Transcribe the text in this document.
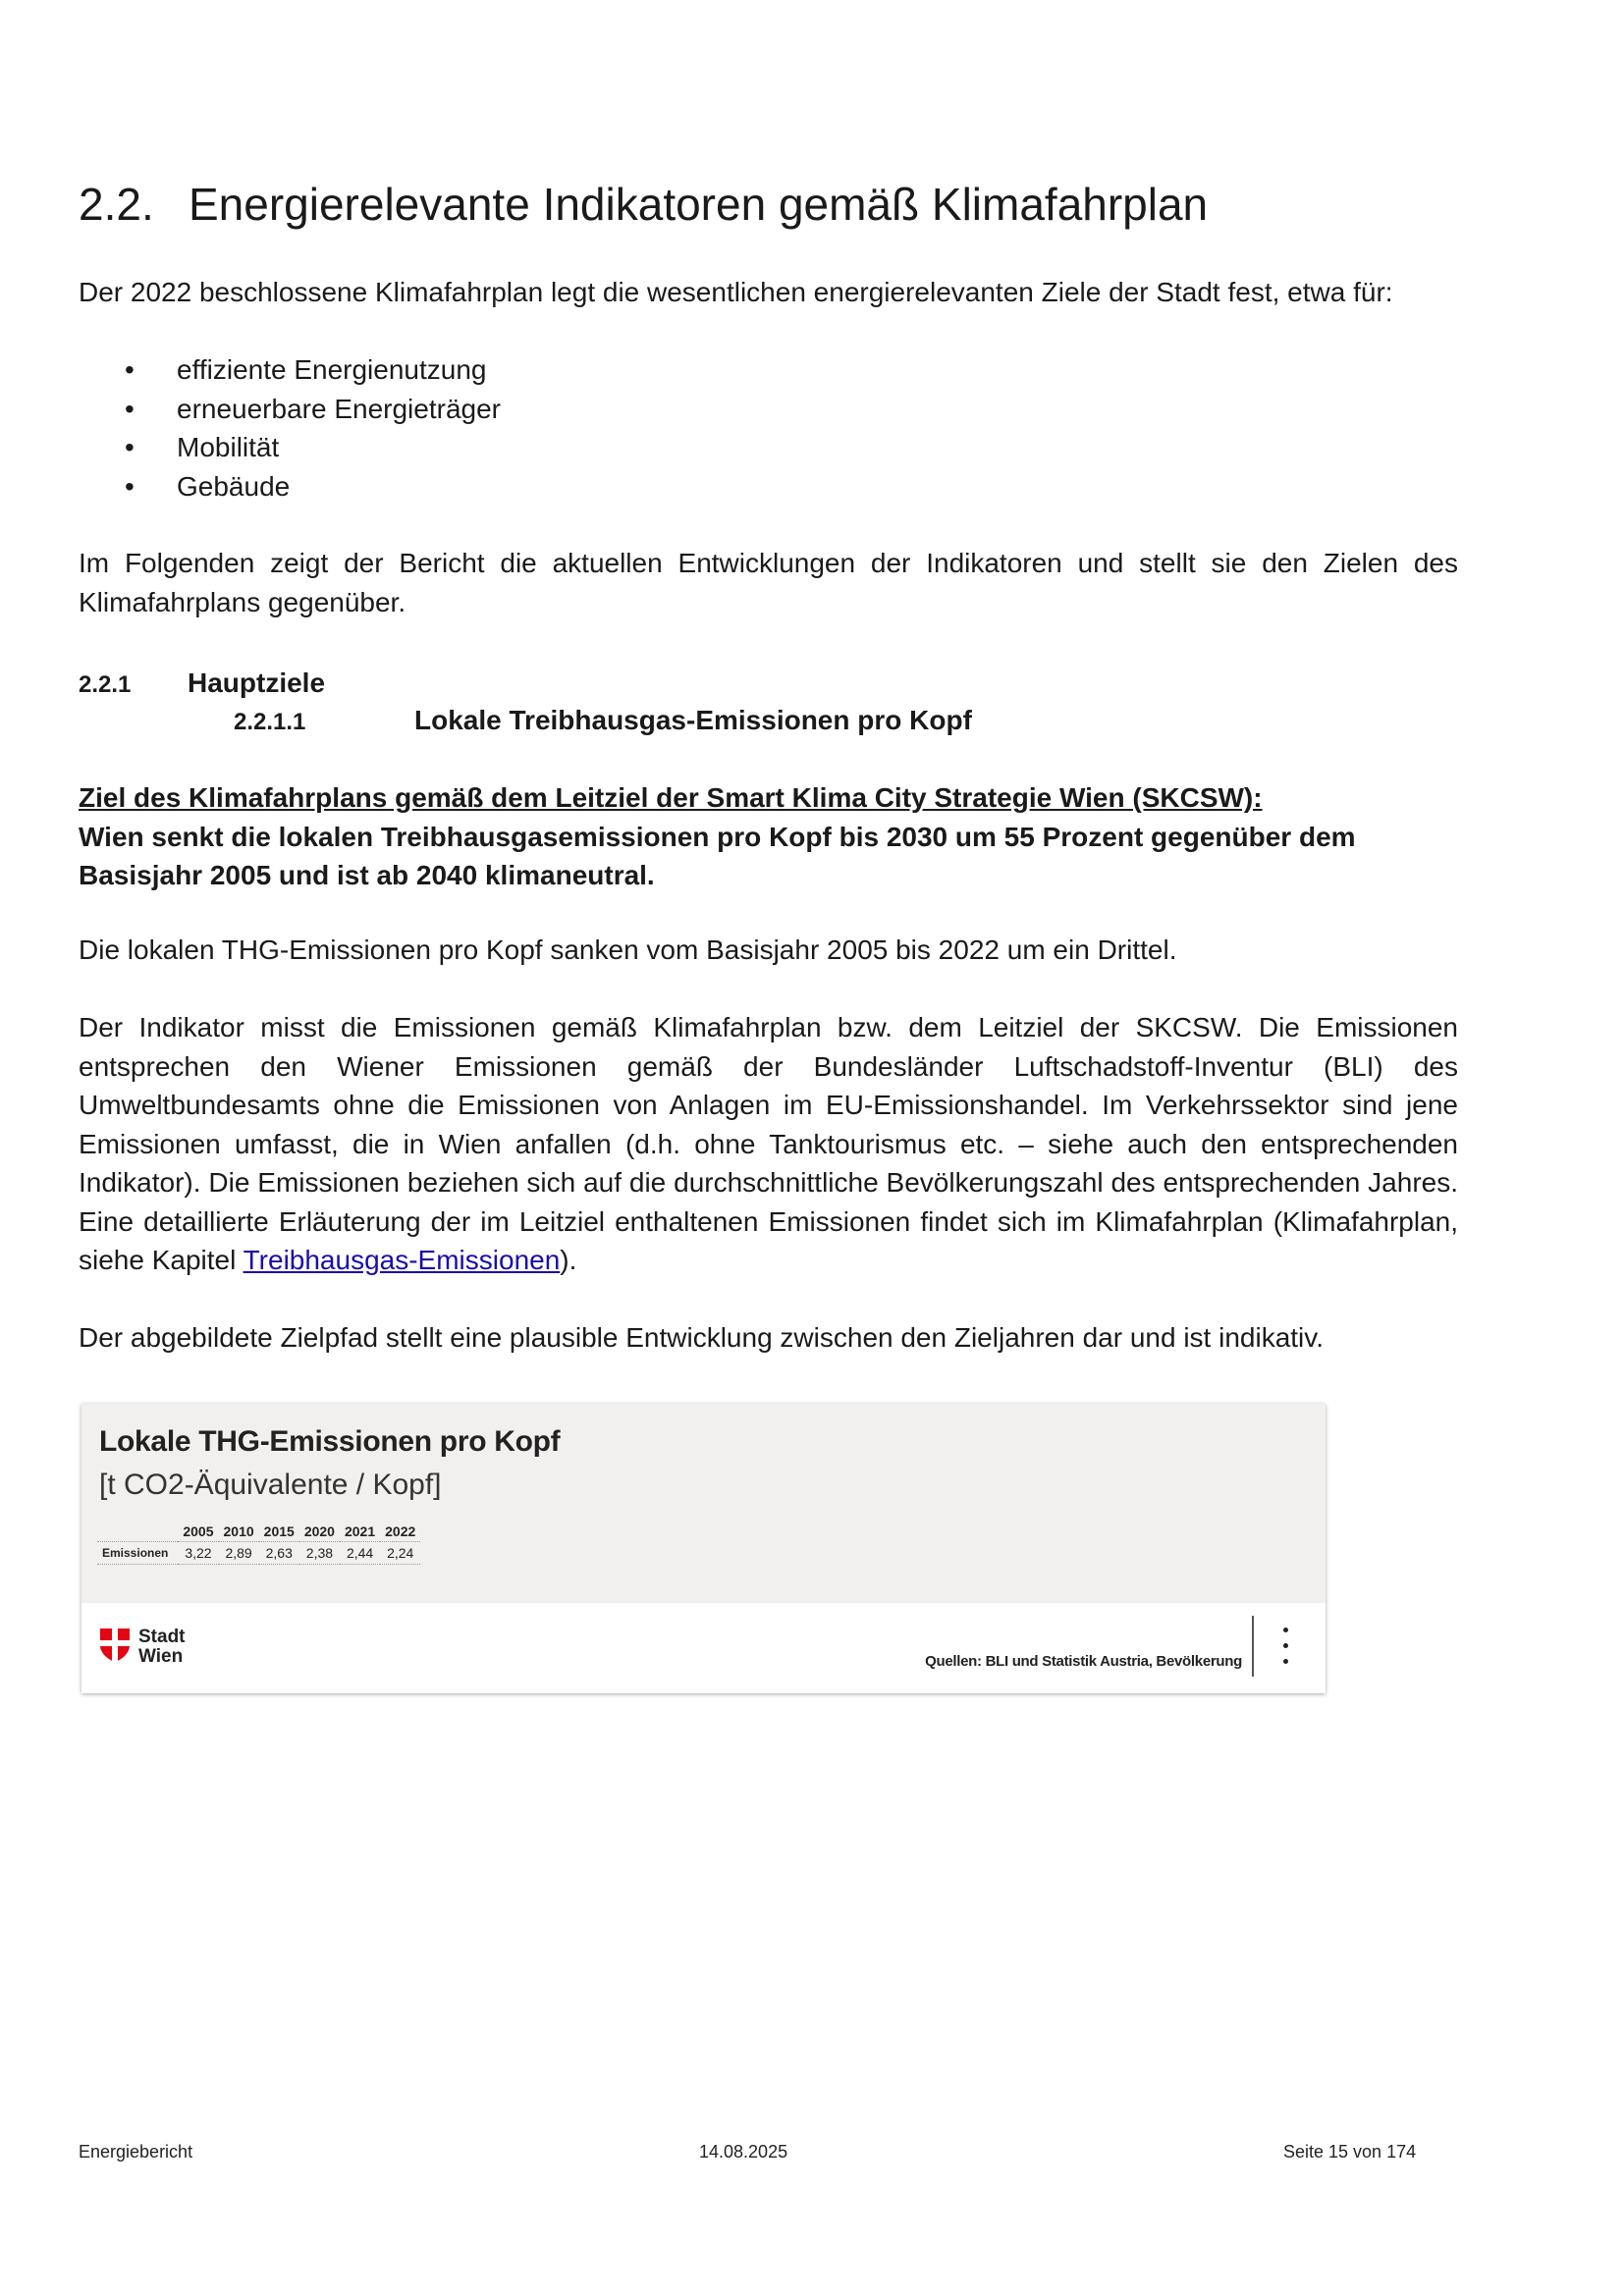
2.2. Energierelevante Indikatoren gemäß Klimafahrplan

Der 2022 beschlossene Klimafahrplan legt die wesentlichen energierelevanten Ziele der Stadt fest, etwa für:

• effiziente Energienutzung
• erneuerbare Energieträger
• Mobilität
• Gebäude

Im Folgenden zeigt der Bericht die aktuellen Entwicklungen der Indikatoren und stellt sie den Zielen des Klimafahrplans gegenüber.

2.2.1 Hauptziele
2.2.1.1	Lokale Treibhausgas-Emissionen pro Kopf
Ziel des Klimafahrplans gemäß dem Leitziel der Smart Klima City Strategie Wien (SKCSW):
Wien senkt die lokalen Treibhausgasemissionen pro Kopf bis 2030 um 55 Prozent gegenüber dem Basisjahr 2005 und ist ab 2040 klimaneutral.

Die lokalen THG-Emissionen pro Kopf sanken vom Basisjahr 2005 bis 2022 um ein Drittel.

Der Indikator misst die Emissionen gemäß Klimafahrplan bzw. dem Leitziel der SKCSW. Die Emissionen entsprechen den Wiener Emissionen gemäß der Bundesländer Luftschadstoff-Inventur (BLI) des Umweltbundesamts ohne die Emissionen von Anlagen im EU-Emissionshandel. Im Verkehrssektor sind jene Emissionen umfasst, die in Wien anfallen (d.h. ohne Tanktourismus etc. – siehe auch den entsprechenden Indikator). Die Emissionen beziehen sich auf die durchschnittliche Bevölkerungszahl des entsprechenden Jahres. Eine detaillierte Erläuterung der im Leitziel enthaltenen Emissionen findet sich im Klimafahrplan (Klimafahrplan, siehe Kapitel Treibhausgas-Emissionen).

Der abgebildete Zielpfad stellt eine plausible Entwicklung zwischen den Zieljahren dar und ist indikativ.

Lokale THG-Emissionen pro Kopf
[t CO2-Äquivalente / Kopf]
	2005	2010	2015	2020	2021	2022
Emissionen	3,22	2,89	2,63	2,38	2,44	2,24
Stadt
Wien	Quellen: BLI und Statistik Austria, Bevölkerung
Energiebericht	14.08.2025	Seite 15 von 174
